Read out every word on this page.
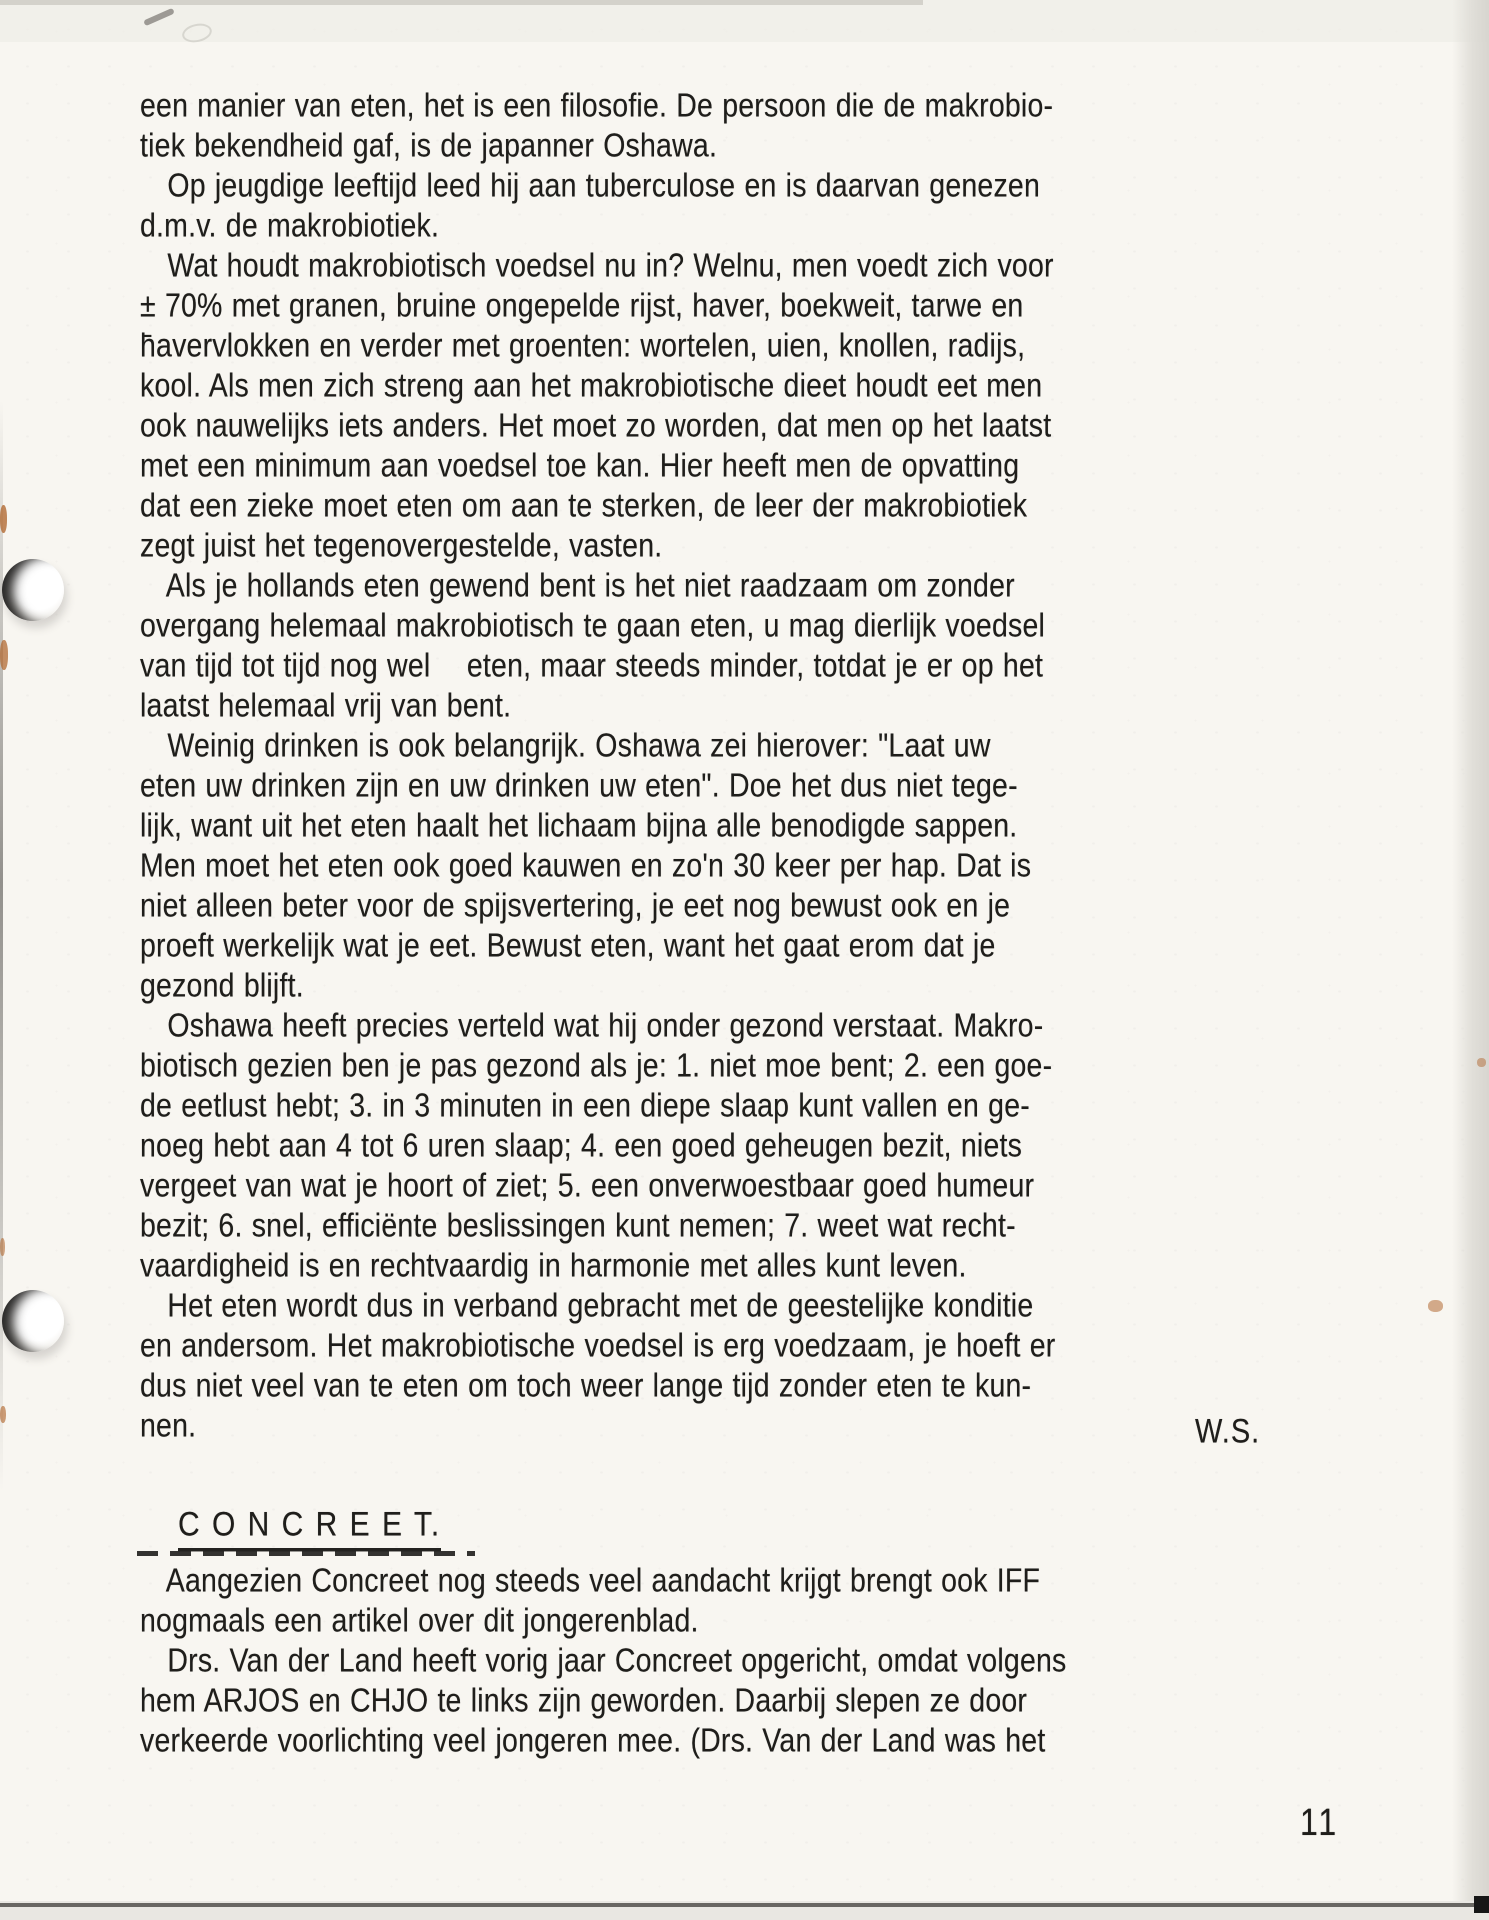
een manier van eten, het is een filosofie. De persoon die de makrobio-
tiek bekendheid gaf, is de japanner Oshawa.
Op jeugdige leeftijd leed hij aan tuberculose en is daarvan genezen
d.m.v. de makrobiotiek.
Wat houdt makrobiotisch voedsel nu in? Welnu, men voedt zich voor
± 70% met granen, bruine ongepelde rijst, haver, boekweit, tarwe en
h̄avervlokken en verder met groenten: wortelen, uien, knollen, radijs,
kool. Als men zich streng aan het makrobiotische dieet houdt eet men
ook nauwelijks iets anders. Het moet zo worden, dat men op het laatst
met een minimum aan voedsel toe kan. Hier heeft men de opvatting
dat een zieke moet eten om aan te sterken, de leer der makrobiotiek
zegt juist het tegenovergestelde, vasten.
Als je hollands eten gewend bent is het niet raadzaam om zonder
overgang helemaal makrobiotisch te gaan eten, u mag dierlijk voedsel
van tijd tot tijd nog wel    eten, maar steeds minder, totdat je er op het
laatst helemaal vrij van bent.
Weinig drinken is ook belangrijk. Oshawa zei hierover: "Laat uw
eten uw drinken zijn en uw drinken uw eten". Doe het dus niet tege-
lijk, want uit het eten haalt het lichaam bijna alle benodigde sappen.
Men moet het eten ook goed kauwen en zo'n 30 keer per hap. Dat is
niet alleen beter voor de spijsvertering, je eet nog bewust ook en je
proeft werkelijk wat je eet. Bewust eten, want het gaat erom dat je
gezond blijft.
Oshawa heeft precies verteld wat hij onder gezond verstaat. Makro-
biotisch gezien ben je pas gezond als je: 1. niet moe bent; 2. een goe-
de eetlust hebt; 3. in 3 minuten in een diepe slaap kunt vallen en ge-
noeg hebt aan 4 tot 6 uren slaap; 4. een goed geheugen bezit, niets
vergeet van wat je hoort of ziet; 5. een onverwoestbaar goed humeur
bezit; 6. snel, efficiënte beslissingen kunt nemen; 7. weet wat recht-
vaardigheid is en rechtvaardig in harmonie met alles kunt leven.
Het eten wordt dus in verband gebracht met de geestelijke konditie
en andersom. Het makrobiotische voedsel is erg voedzaam, je hoeft er
dus niet veel van te eten om toch weer lange tijd zonder eten te kun-
nen.	W.S.
C O N C R E E T.
Aangezien Concreet nog steeds veel aandacht krijgt brengt ook IFF
nogmaals een artikel over dit jongerenblad.
Drs. Van der Land heeft vorig jaar Concreet opgericht, omdat volgens
hem ARJOS en CHJO te links zijn geworden. Daarbij slepen ze door
verkeerde voorlichting veel jongeren mee. (Drs. Van der Land was het
11
